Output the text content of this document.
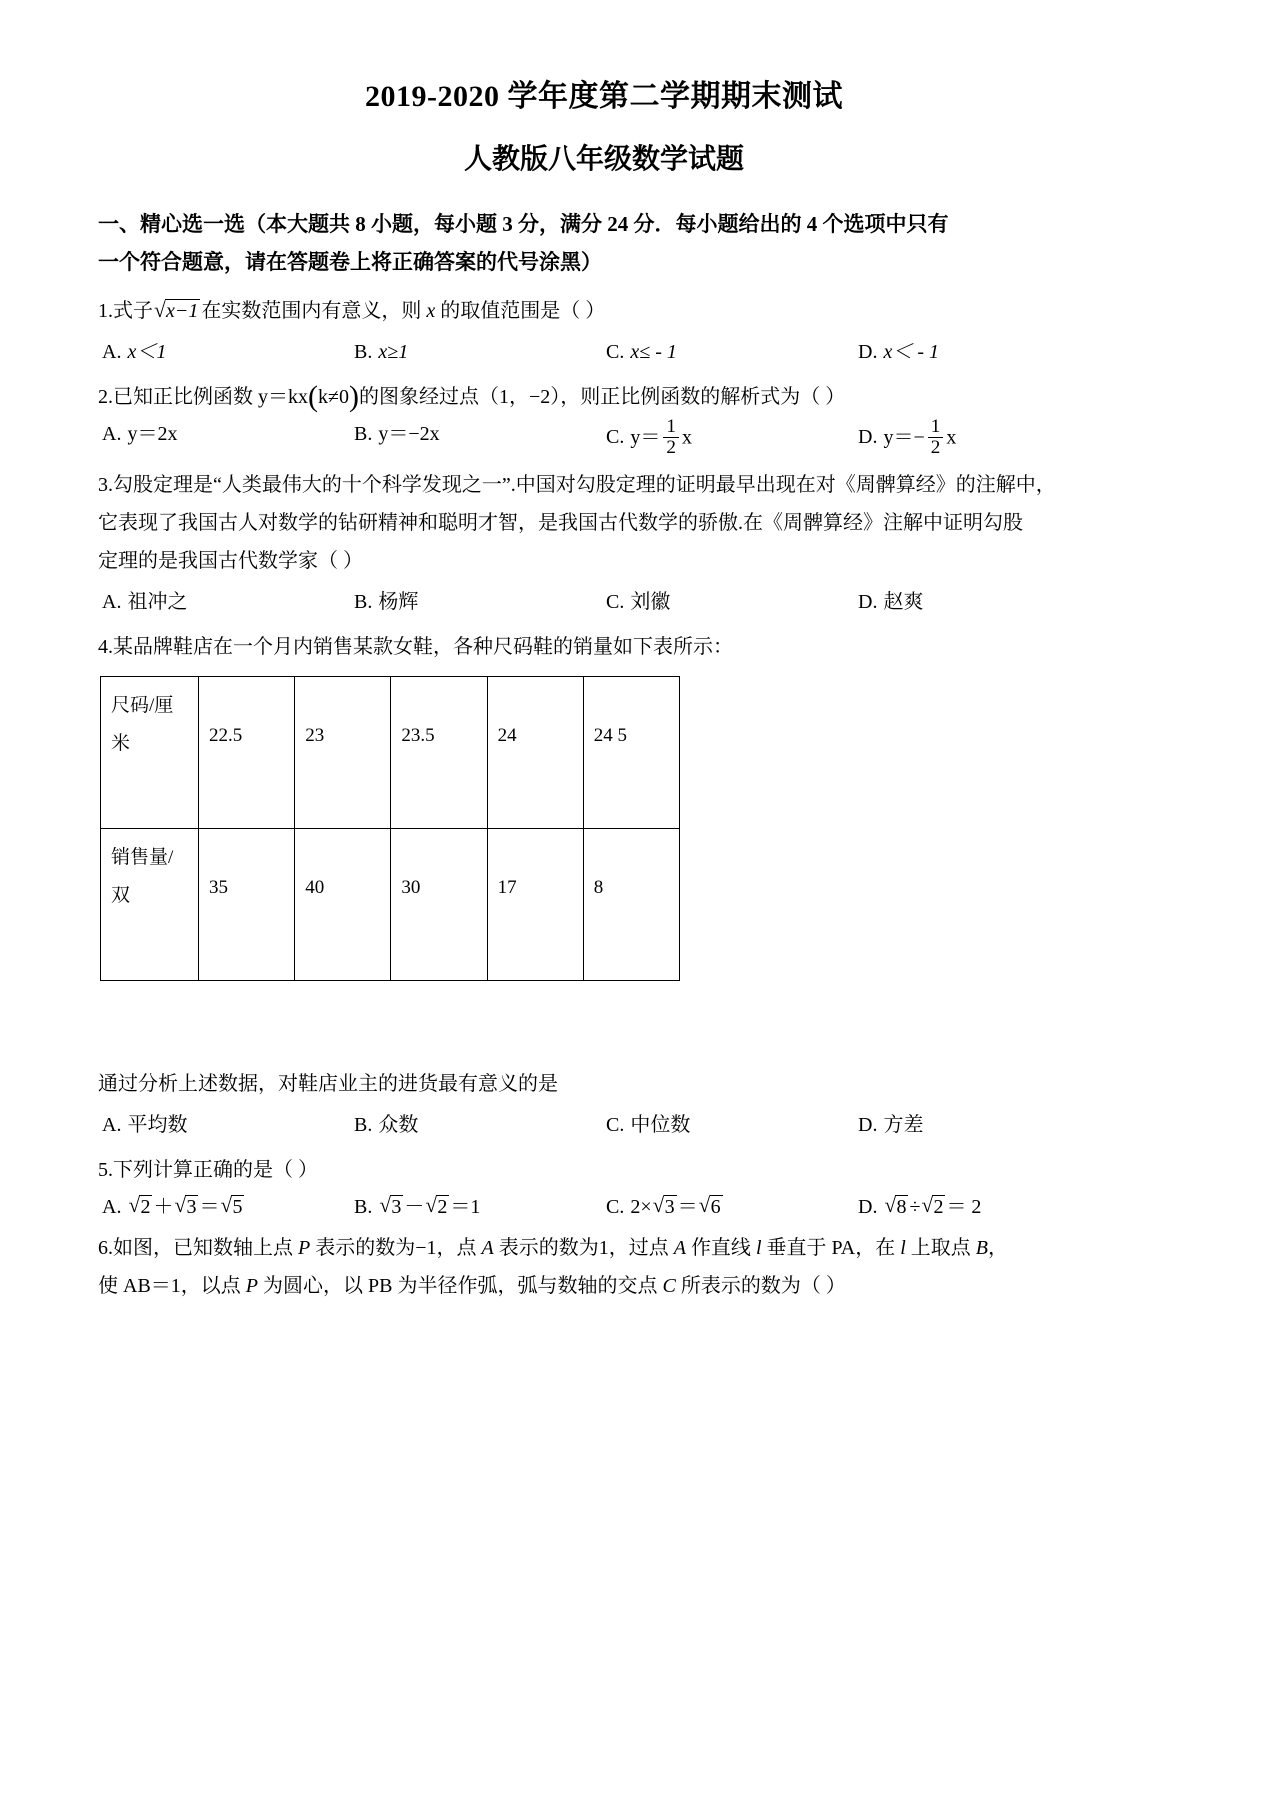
2019-2020 学年度第二学期期末测试
人教版八年级数学试题

一、精心选一选（本大题共 8 小题，每小题 3 分，满分 24 分．每小题给出的 4 个选项中只有
一个符合题意，请在答题卷上将正确答案的代号涂黑）

1.式子 √ x−1 在实数范围内有意义，则 x 的取值范围是（ ）

A. x＜1	B. x≥1	C. x≤ - 1	D. x＜ - 1

2.已知正比例函数 y＝kx(k≠0)的图象经过点（1，−2），则正比例函数的解析式为（ ）

A. y＝2x	B. y＝−2x	C. $y= \frac{1}{2}$ x	D. $y=- \frac{1}{2}$ x

3.勾股定理是“人类最伟大的十个科学发现之一”.中国对勾股定理的证明最早出现在对《周髀算经》的注解中，
它表现了我国古人对数学的钻研精神和聪明才智，是我国古代数学的骄傲.在《周髀算经》注解中证明勾股
定理的是我国古代数学家（ ）

A. 祖冲之	B. 杨辉	C. 刘徽	D. 赵爽

4.某品牌鞋店在一个月内销售某款女鞋，各种尺码鞋的销量如下表所示：

尺码/厘米	22.5	23	23.5	24	24 5
销售量/双	35	40	30	17	8

通过分析上述数据，对鞋店业主的进货最有意义的是

A. 平均数	B. 众数	C. 中位数	D. 方差

5.下列计算正确的是（ ）

A. √ 2 ＋ √ 3 ＝ √ 5	B. √ 3 － √ 2 ＝1	C. 2× √ 3 ＝ √ 6	D. √ 8 ÷ √ 2 ＝ 2

6.如图，已知数轴上点 P 表示的数为−1，点 A 表示的数为1，过点 A 作直线 l 垂直于 PA，在 l 上取点 B，
使 AB＝1，以点 P 为圆心，以 PB 为半径作弧，弧与数轴的交点 C 所表示的数为（ ）
